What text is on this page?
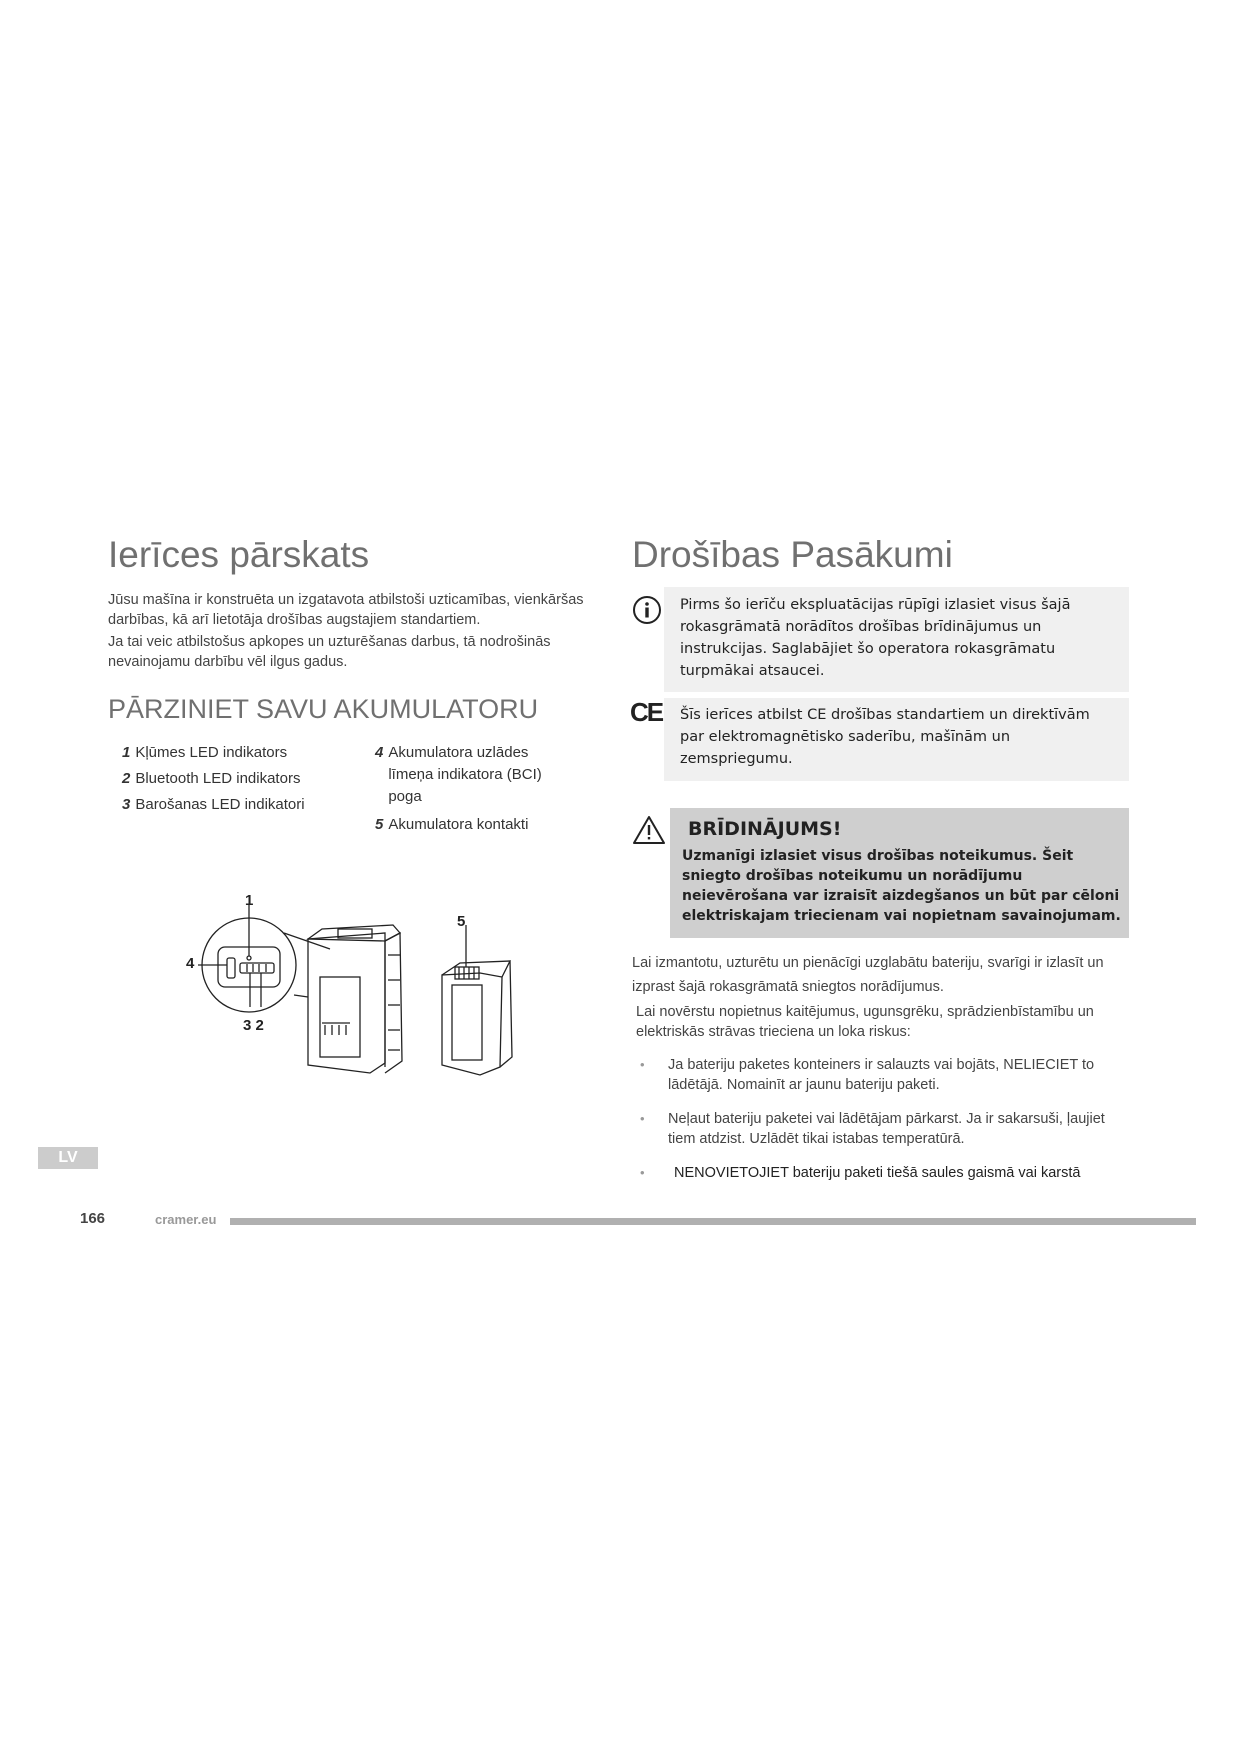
Ierīces pārskats
Jūsu mašīna ir konstruēta un izgatavota atbilstoši uzticamības, vienkāršas darbības, kā arī lietotāja drošības augstajiem standartiem.
Ja tai veic atbilstošus apkopes un uzturēšanas darbus, tā nodrošinās nevainojamu darbību vēl ilgus gadus.
PĀRZINIET SAVU AKUMULATORU
1 Kļūmes LED indikators
2 Bluetooth LED indikators
3 Barošanas LED indikatori
4 Akumulatora uzlādes līmeņa indikatora (BCI) poga
5 Akumulatora kontakti
1
4
3 2
5
Drošības Pasākumi
Pirms šo ierīču ekspluatācijas rūpīgi izlasiet visus šajā rokasgrāmatā norādītos drošības brīdinājumus un instrukcijas. Saglabājiet šo operatora rokasgrāmatu turpmākai atsaucei.
CE Šīs ierīces atbilst CE drošības standartiem un direktīvām par elektromagnētisko saderību, mašīnām un zemspriegumu.
BRĪDINĀJUMS!
Uzmanīgi izlasiet visus drošības noteikumus. Šeit sniegto drošības noteikumu un norādījumu neievērošana var izraisīt aizdegšanos un būt par cēloni elektriskajam triecienam vai nopietnam savainojumam.
Lai izmantotu, uzturētu un pienācīgi uzglabātu bateriju, svarīgi ir izlasīt un izprast šajā rokasgrāmatā sniegtos norādījumus.
Lai novērstu nopietnus kaitējumus, ugunsgrēku, sprādzienbīstamību un elektriskās strāvas trieciena un loka riskus:
• Ja bateriju paketes konteiners ir salauzts vai bojāts, NELIECIET to lādētājā. Nomainīt ar jaunu bateriju paketi.
• Neļaut bateriju paketei vai lādētājam pārkarst. Ja ir sakarsuši, ļaujiet tiem atdzist. Uzlādēt tikai istabas temperatūrā.
• NENOVIETOJIET bateriju paketi tiešā saules gaismā vai karstā
LV
166	cramer.eu
